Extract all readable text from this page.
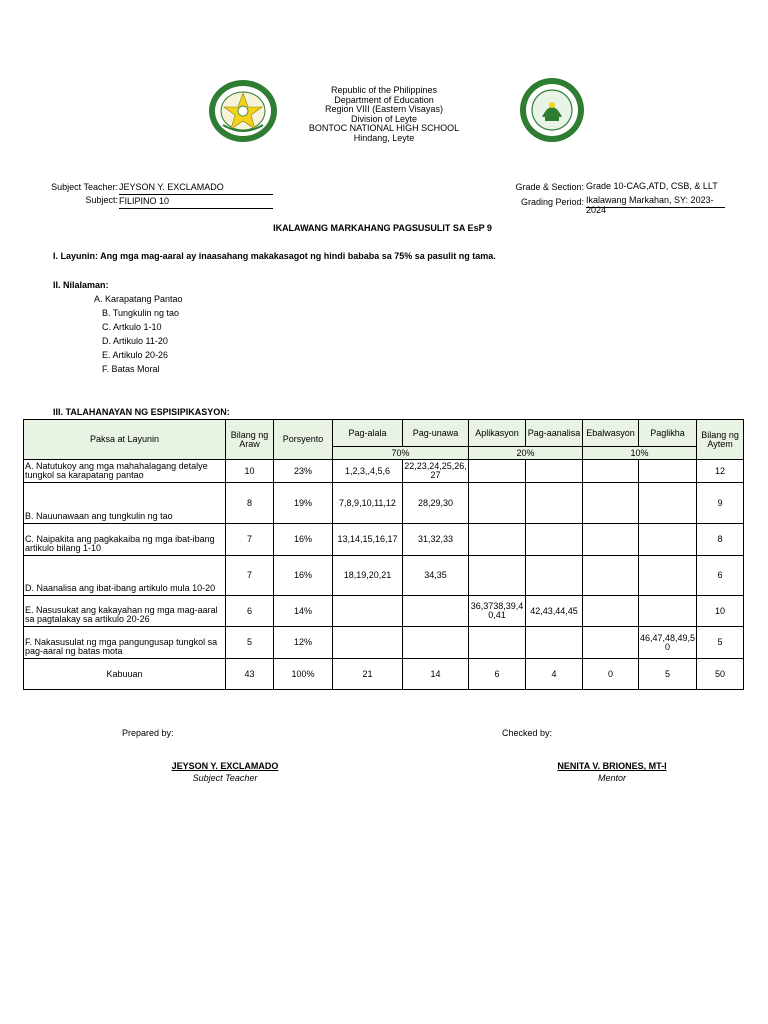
Republic of the Philippines
Department of Education
Region VIII (Eastern Visayas)
Division of Leyte
BONTOC NATIONAL HIGH SCHOOL
Hindang, Leyte
Subject Teacher: JEYSON Y. EXCLAMADO
Subject: FILIPINO 10
Grade & Section: Grade 10-CAG,ATD, CSB, & LLT
Grading Period: Ikalawang Markahan, SY: 2023-2024
IKALAWANG MARKAHANG PAGSUSULIT SA EsP 9
I. Layunin: Ang mga mag-aaral ay inaasahang makakasagot ng hindi bababa sa 75% sa pasulit ng tama.
II. Nilalaman:
A. Karapatang Pantao
B. Tungkulin ng tao
C. Artkulo 1-10
D. Artikulo 11-20
E. Artikulo 20-26
F. Batas Moral
III. TALAHANAYAN NG ESPISIPIKASYON:
Paksa at Layunin	Bilang ng Araw	Porsyento	Pag-alala	Pag-unawa	Aplikasyon	Pag-aanalisa	Ebalwasyon	Paglikha	Bilang ng Aytem
			70%		20%		10%		
A. Natutukoy ang mga mahahalagang detalye tungkol sa karapatang pantao	10	23%	1,2,3,,4,5,6	22,23,24,25,26, 27					12
B. Nauunawaan ang tungkulin ng tao	8	19%	7,8,9,10,11,12	28,29,30					9
C. Naipakita ang pagkakaiba ng mga ibat-ibang artikulo bilang 1-10	7	16%	13,14,15,16,17	31,32,33					8
D. Naanalisa ang ibat-ibang artikulo mula 10-20	7	16%	18,19,20,21	34,35					6
E. Nasusukat ang kakayahan ng mga mag-aaral sa pagtalakay sa artikulo 20-26	6	14%			36,3738,39,4 0,41	42,43,44,45			10
F. Nakasusulat ng mga pangungusap tungkol sa pag-aaral ng batas mota	5	12%						46,47,48,49,5 0	5
Kabuuan	43	100%	21	14	6	4	0	5	50
Prepared by:	Checked by:
JEYSON Y. EXCLAMADO
Subject Teacher
NENITA V. BRIONES, MT-I
Mentor
